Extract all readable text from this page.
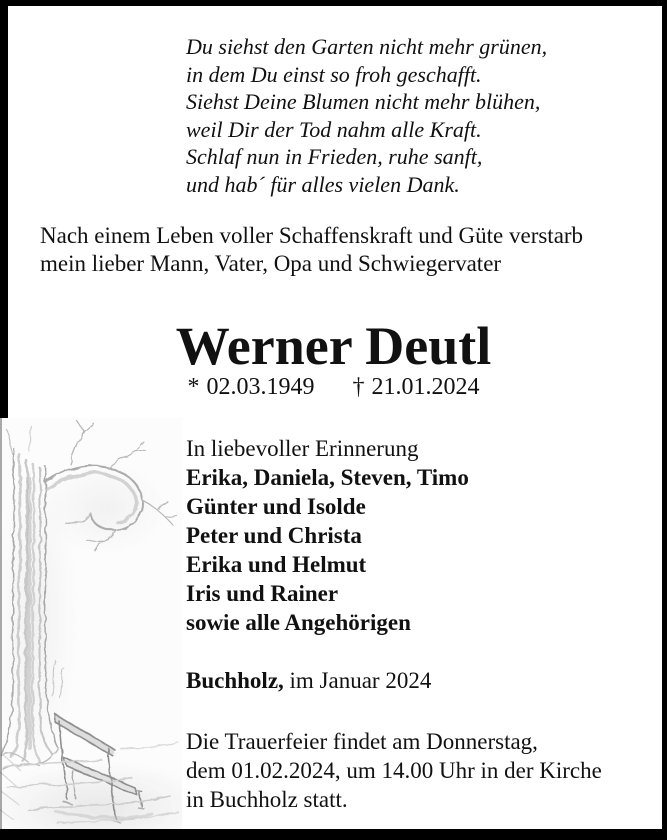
Du siehst den Garten nicht mehr grünen,
in dem Du einst so froh geschafft.
Siehst Deine Blumen nicht mehr blühen,
weil Dir der Tod nahm alle Kraft.
Schlaf nun in Frieden, ruhe sanft,
und hab´ für alles vielen Dank.
Nach einem Leben voller Schaffenskraft und Güte verstarb
mein lieber Mann, Vater, Opa und Schwiegervater
Werner Deutl
* 02.03.1949 † 21.01.2024
In liebevoller Erinnerung
Erika, Daniela, Steven, Timo
Günter und Isolde
Peter und Christa
Erika und Helmut
Iris und Rainer
sowie alle Angehörigen
Buchholz, im Januar 2024
Die Trauerfeier findet am Donnerstag,
dem 01.02.2024, um 14.00 Uhr in der Kirche
in Buchholz statt.
